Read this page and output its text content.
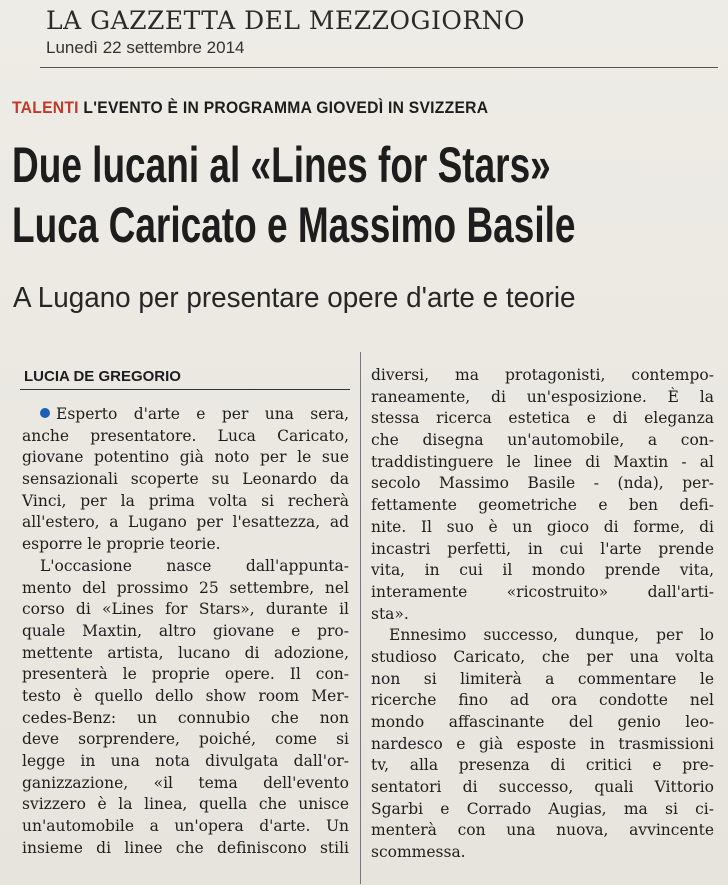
LA GAZZETTA DEL MEZZOGIORNO
Lunedì 22 settembre 2014
TALENTI L'EVENTO È IN PROGRAMMA GIOVEDÌ IN SVIZZERA
Due lucani al «Lines for Stars»
Luca Caricato e Massimo Basile
A Lugano per presentare opere d'arte e teorie
LUCIA DE GREGORIO
Esperto d'arte e per una sera,
anche presentatore. Luca Caricato,
giovane potentino già noto per le sue
sensazionali scoperte su Leonardo da
Vinci, per la prima volta si recherà
all'estero, a Lugano per l'esattezza, ad
esporre le proprie teorie.
L'occasione nasce dall'appunta-
mento del prossimo 25 settembre, nel
corso di «Lines for Stars», durante il
quale Maxtin, altro giovane e pro-
mettente artista, lucano di adozione,
presenterà le proprie opere. Il con-
testo è quello dello show room Mer-
cedes-Benz: un connubio che non
deve sorprendere, poiché, come si
legge in una nota divulgata dall'or-
ganizzazione, «il tema dell'evento
svizzero è la linea, quella che unisce
un'automobile a un'opera d'arte. Un
insieme di linee che definiscono stili
diversi, ma protagonisti, contempo-
raneamente, di un'esposizione. È la
stessa ricerca estetica e di eleganza
che disegna un'automobile, a con-
traddistinguere le linee di Maxtin - al
secolo Massimo Basile - (nda), per-
fettamente geometriche e ben defi-
nite. Il suo è un gioco di forme, di
incastri perfetti, in cui l'arte prende
vita, in cui il mondo prende vita,
interamente «ricostruito» dall'arti-
sta».
Ennesimo successo, dunque, per lo
studioso Caricato, che per una volta
non si limiterà a commentare le
ricerche fino ad ora condotte nel
mondo affascinante del genio leo-
nardesco e già esposte in trasmissioni
tv, alla presenza di critici e pre-
sentatori di successo, quali Vittorio
Sgarbi e Corrado Augias, ma si ci-
menterà con una nuova, avvincente
scommessa.
